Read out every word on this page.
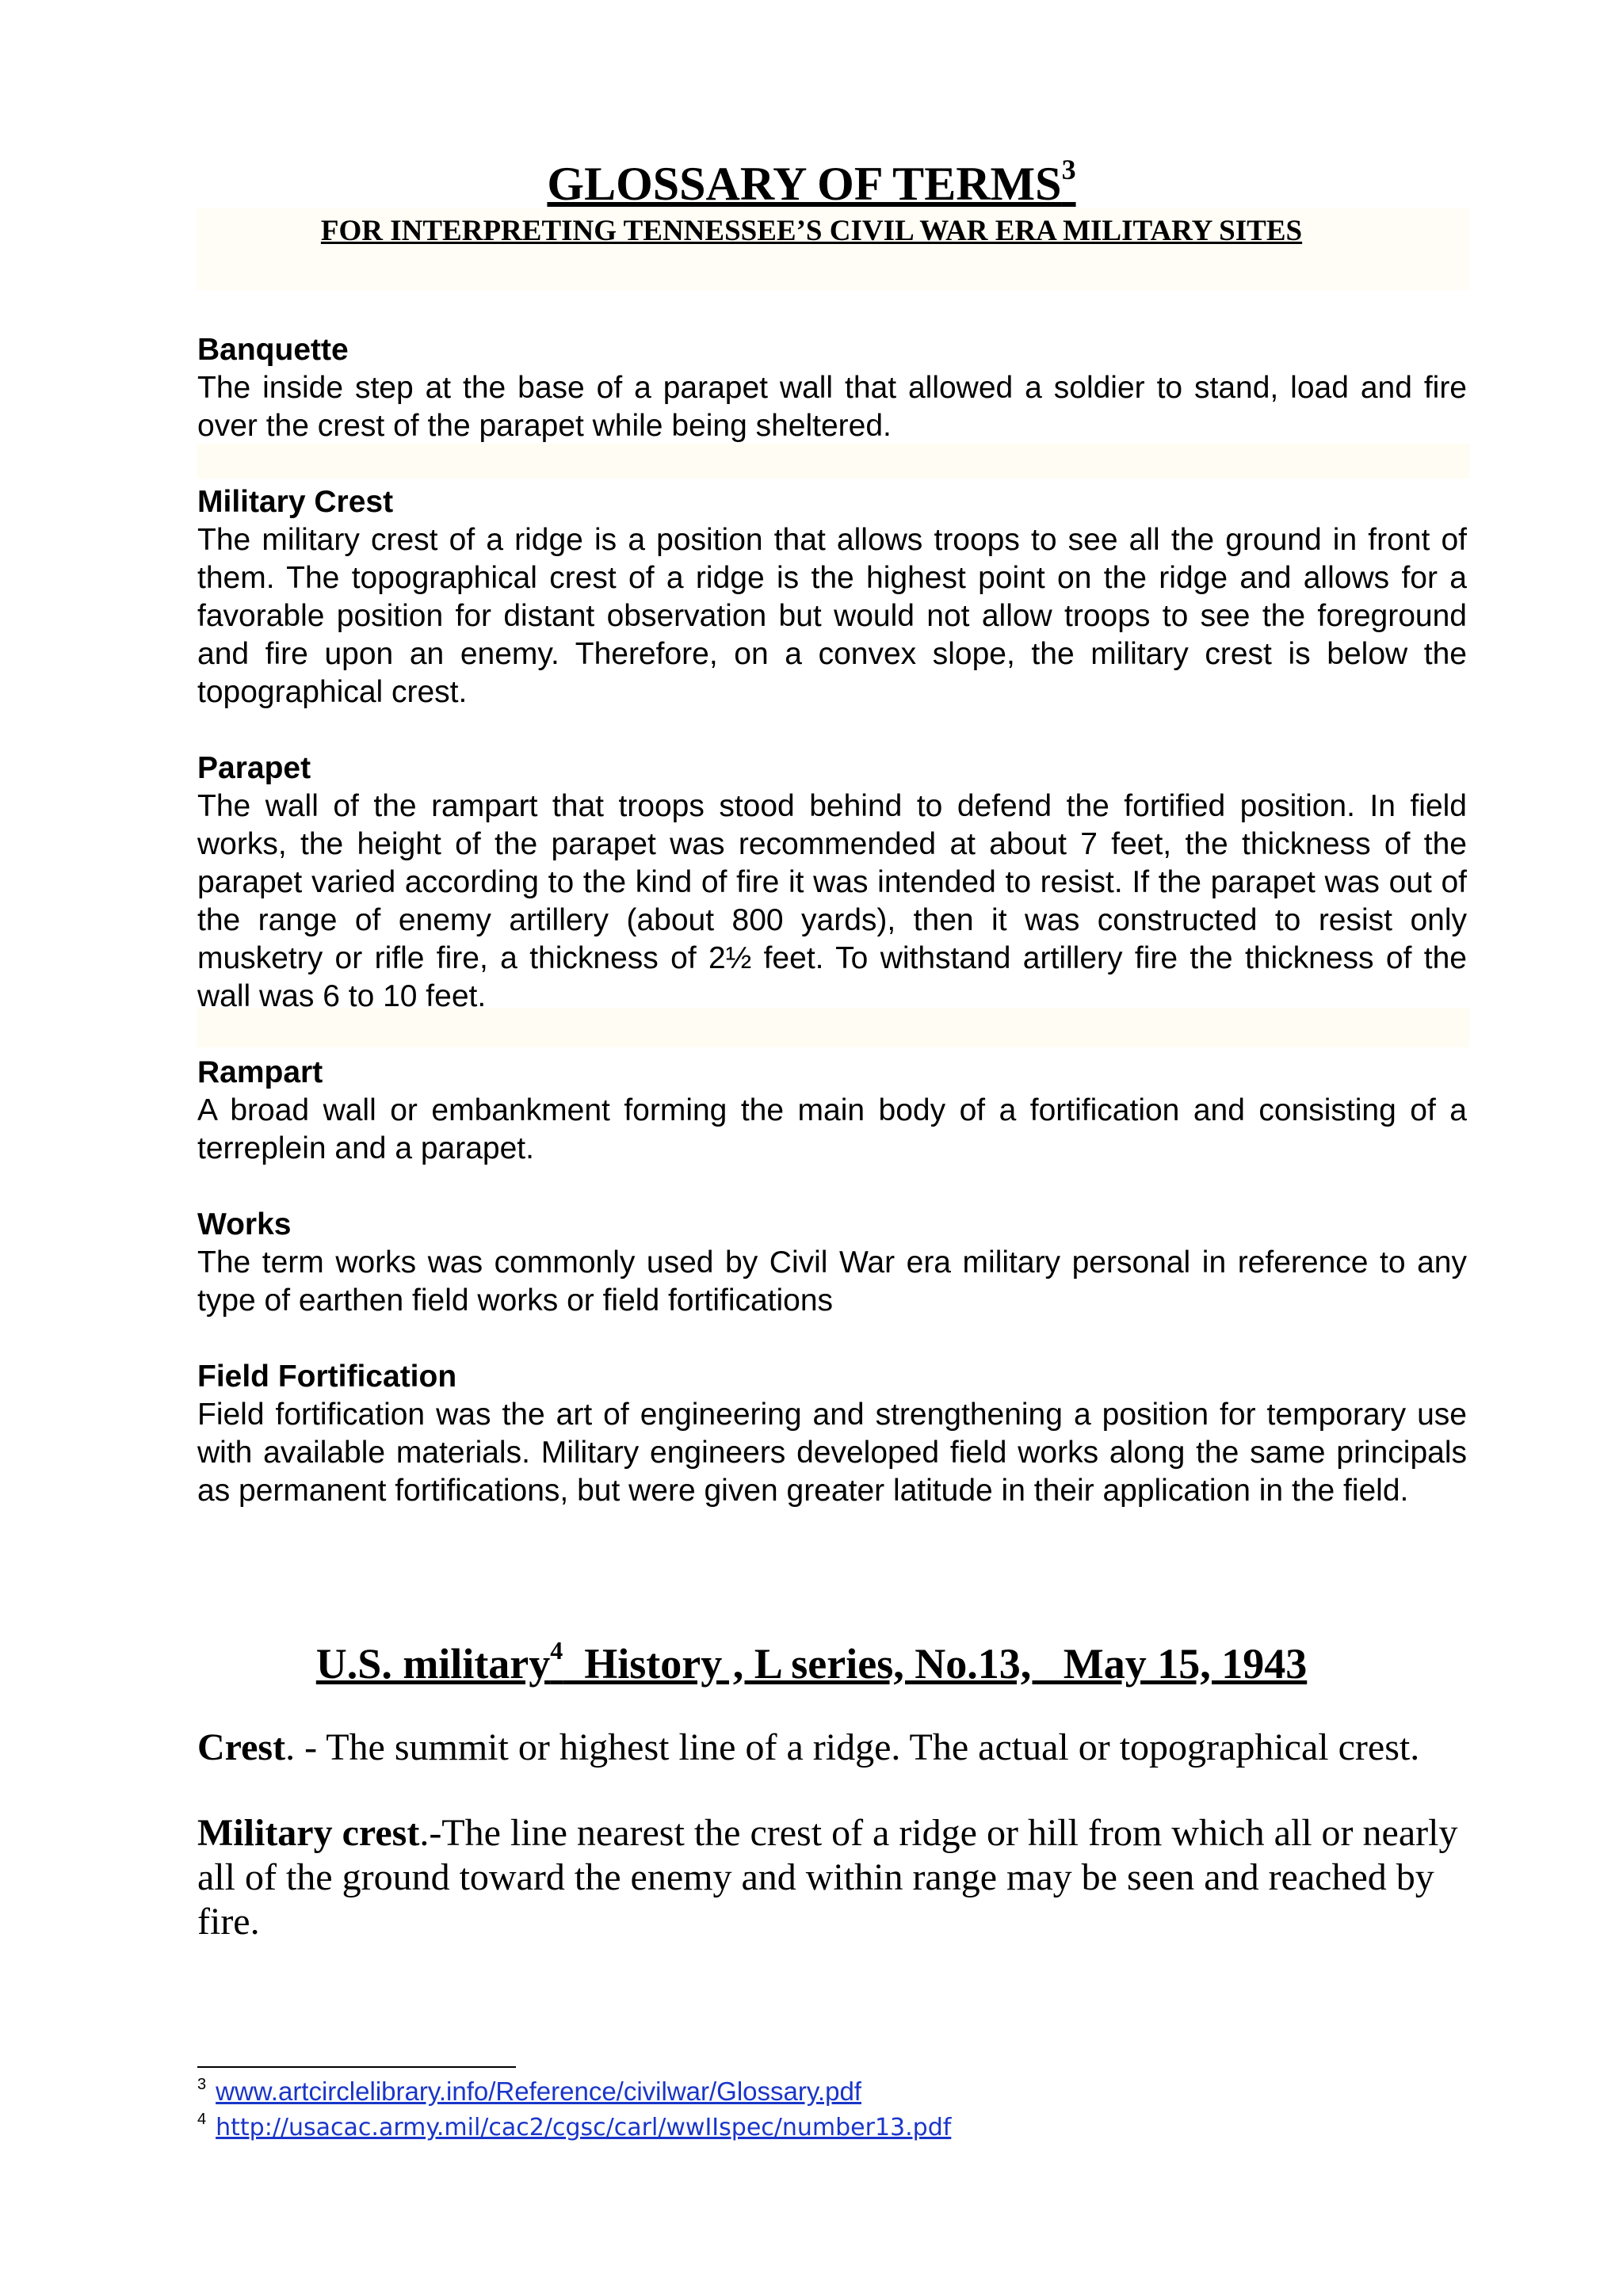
GLOSSARY OF TERMS$^3$
FOR INTERPRETING TENNESSEE’S CIVIL WAR ERA MILITARY SITES
Banquette

The inside step at the base of a parapet wall that allowed a soldier to stand, load and fire over the crest of the parapet while being sheltered.

Military Crest

The military crest of a ridge is a position that allows troops to see all the ground in front of them. The topographical crest of a ridge is the highest point on the ridge and allows for a favorable position for distant observation but would not allow troops to see the foreground and fire upon an enemy. Therefore, on a convex slope, the military crest is below the topographical crest.

Parapet

The wall of the rampart that troops stood behind to defend the fortified position. In field works, the height of the parapet was recommended at about 7 feet, the thickness of the parapet varied according to the kind of fire it was intended to resist. If the parapet was out of the range of enemy artillery (about 800 yards), then it was constructed to resist only musketry or rifle fire, a thickness of 2½ feet. To withstand artillery fire the thickness of the wall was 6 to 10 feet.

Rampart

A broad wall or embankment forming the main body of a fortification and consisting of a terreplein and a parapet.

Works

The term works was commonly used by Civil War era military personal in reference to any type of earthen field works or field fortifications

Field Fortification

Field fortification was the art of engineering and strengthening a position for temporary use with available materials. Military engineers developed field works along the same principals as permanent fortifications, but were given greater latitude in their application in the field.

U.S. military$^4$  History , L series, No.13,   May 15, 1943

Crest. - The summit or highest line of a ridge. The actual or topographical crest.

Military crest.-The line nearest the crest of a ridge or hill from which all or nearly all of the ground toward the enemy and within range may be seen and reached by fire.

$^3$ www.artcirclelibrary.info/Reference/civilwar/Glossary.pdf

$^4$ http://usacac.army.mil/cac2/cgsc/carl/wwIIspec/number13.pdf
